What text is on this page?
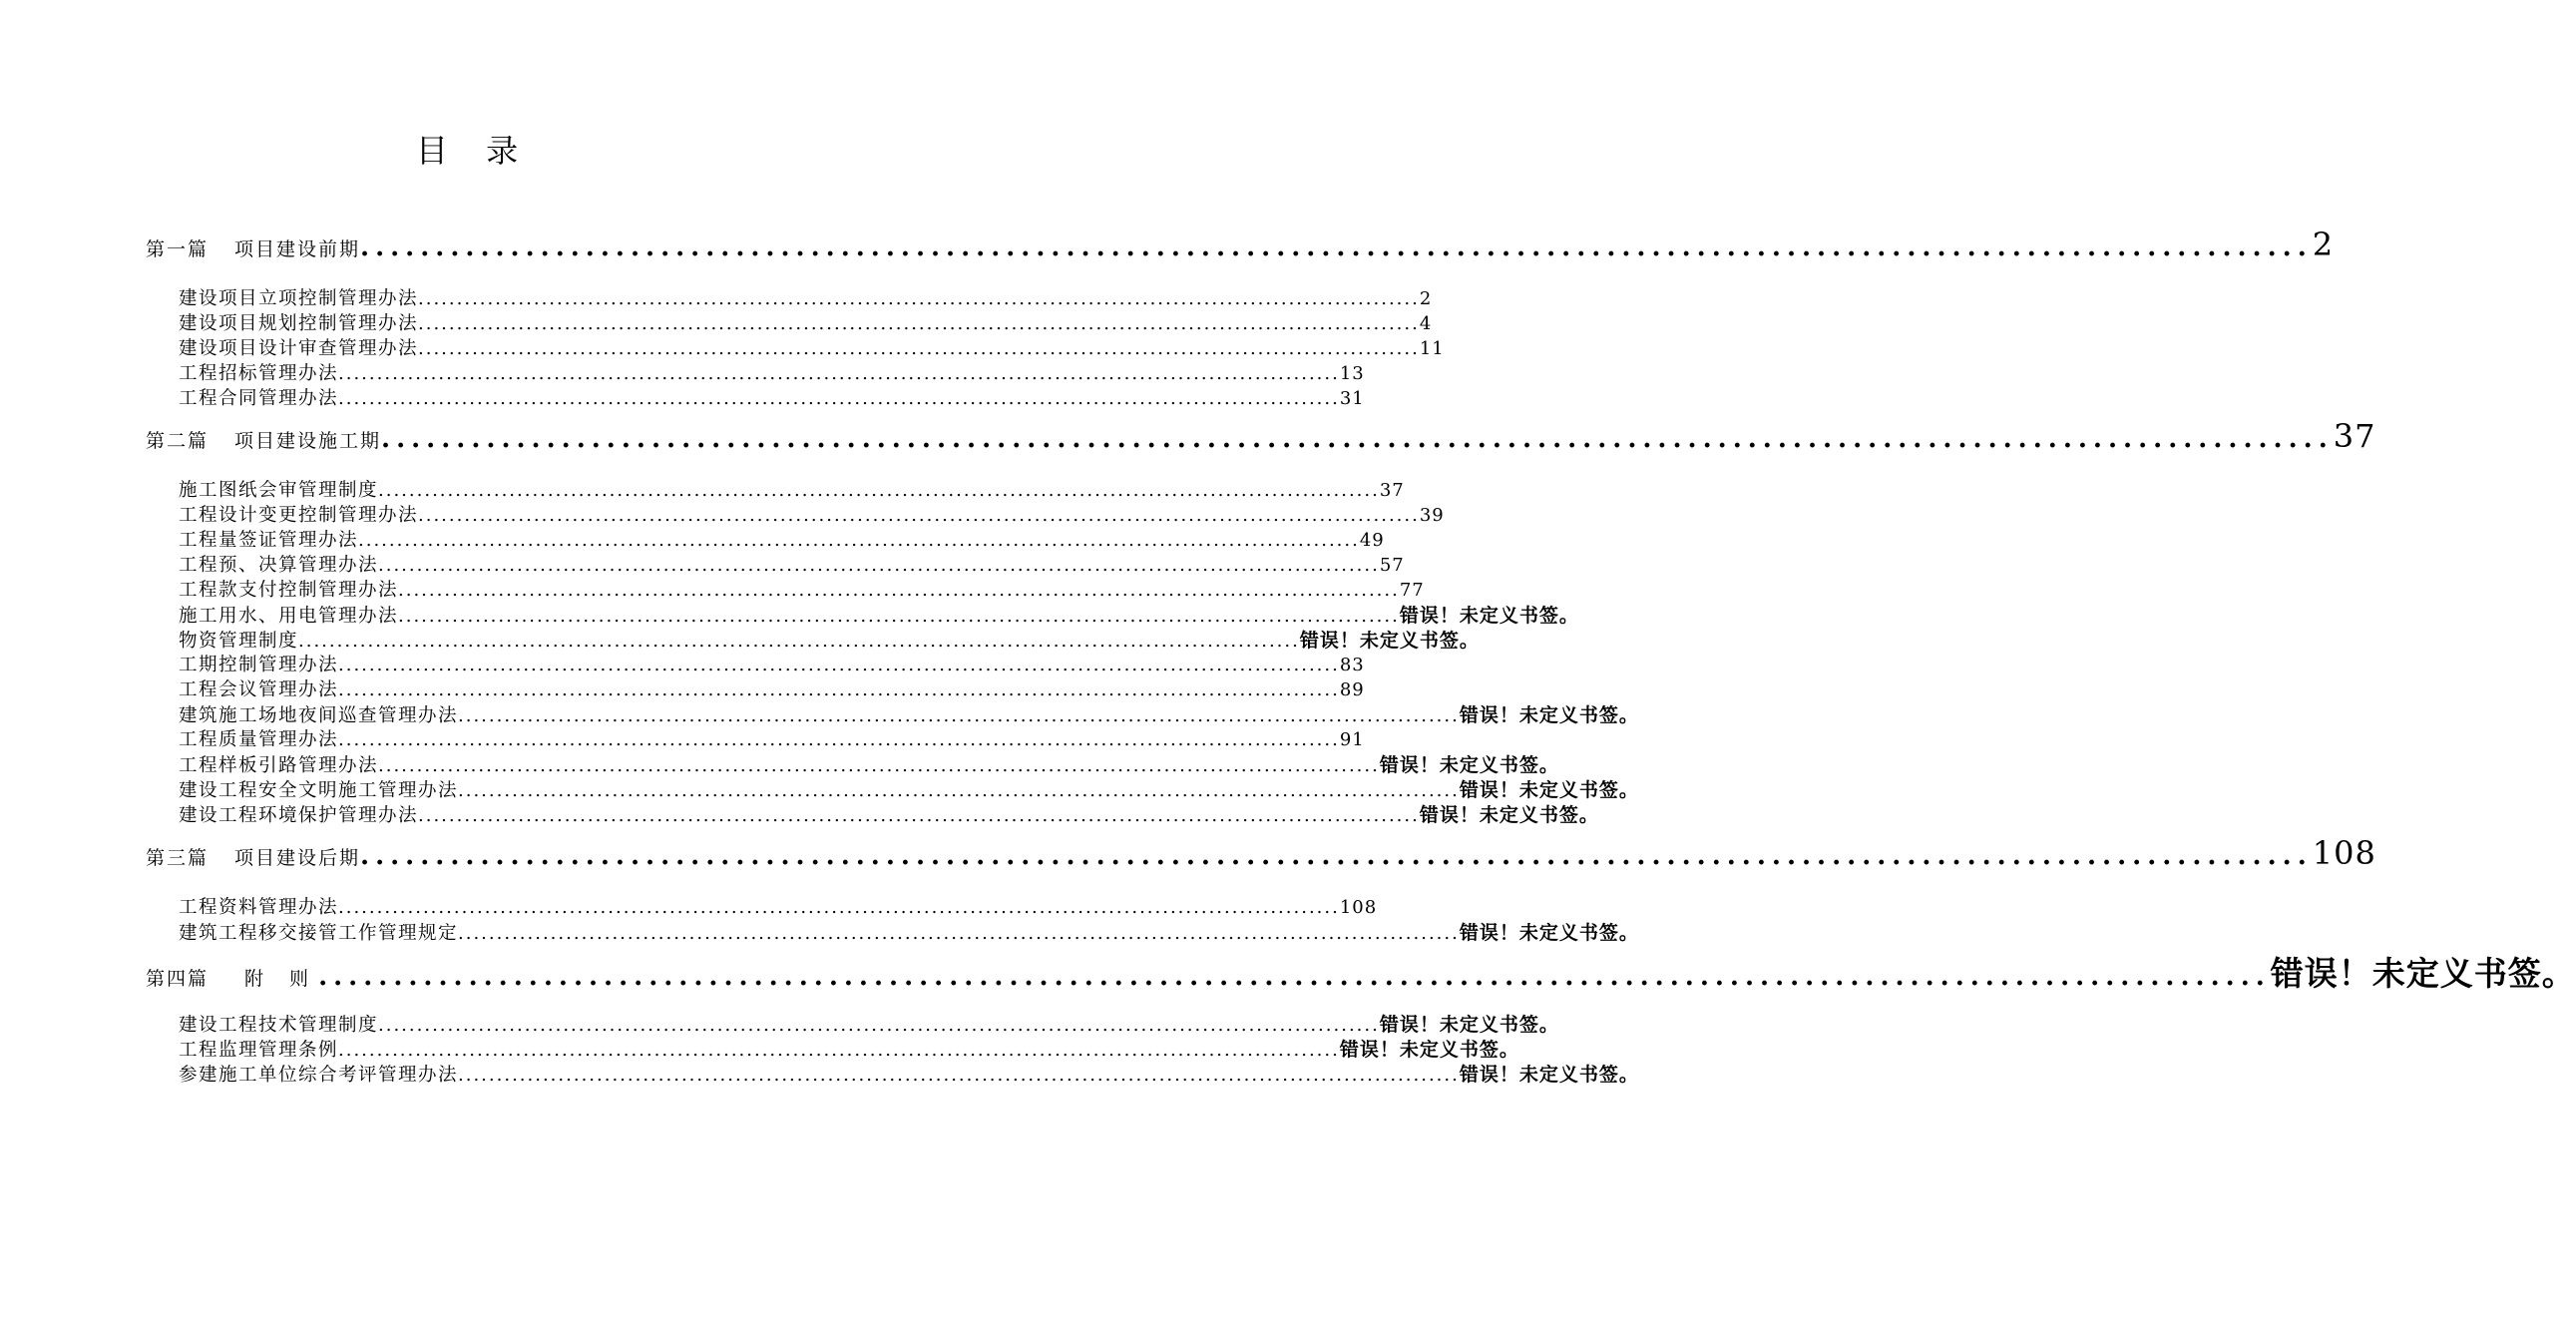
目 录
第一篇 项目建设前期 .................................................................................................................................. 2
建设项目立项控制管理办法 .................................................................................................................................. 2
建设项目规划控制管理办法 .................................................................................................................................. 4
建设项目设计审查管理办法 .................................................................................................................................. 11
工程招标管理办法 .................................................................................................................................. 13
工程合同管理办法 .................................................................................................................................. 31
第二篇 项目建设施工期 .................................................................................................................................. 37
施工图纸会审管理制度 .................................................................................................................................. 37
工程设计变更控制管理办法 .................................................................................................................................. 39
工程量签证管理办法 .................................................................................................................................. 49
工程预、决算管理办法 .................................................................................................................................. 57
工程款支付控制管理办法 .................................................................................................................................. 77
施工用水、用电管理办法 .................................................................................................................................. 错误！未定义书签。
物资管理制度 .................................................................................................................................. 错误！未定义书签。
工期控制管理办法 .................................................................................................................................. 83
工程会议管理办法 .................................................................................................................................. 89
建筑施工场地夜间巡查管理办法 .................................................................................................................................. 错误！未定义书签。
工程质量管理办法 .................................................................................................................................. 91
工程样板引路管理办法 .................................................................................................................................. 错误！未定义书签。
建设工程安全文明施工管理办法 .................................................................................................................................. 错误！未定义书签。
建设工程环境保护管理办法 .................................................................................................................................. 错误！未定义书签。
第三篇 项目建设后期 .................................................................................................................................. 108
工程资料管理办法 .................................................................................................................................. 108
建筑工程移交接管工作管理规定 .................................................................................................................................. 错误！未定义书签。
第四篇 附 则 .................................................................................................................................. 错误！未定义书签。
建设工程技术管理制度 .................................................................................................................................. 错误！未定义书签。
工程监理管理条例 .................................................................................................................................. 错误！未定义书签。
参建施工单位综合考评管理办法 .................................................................................................................................. 错误！未定义书签。
